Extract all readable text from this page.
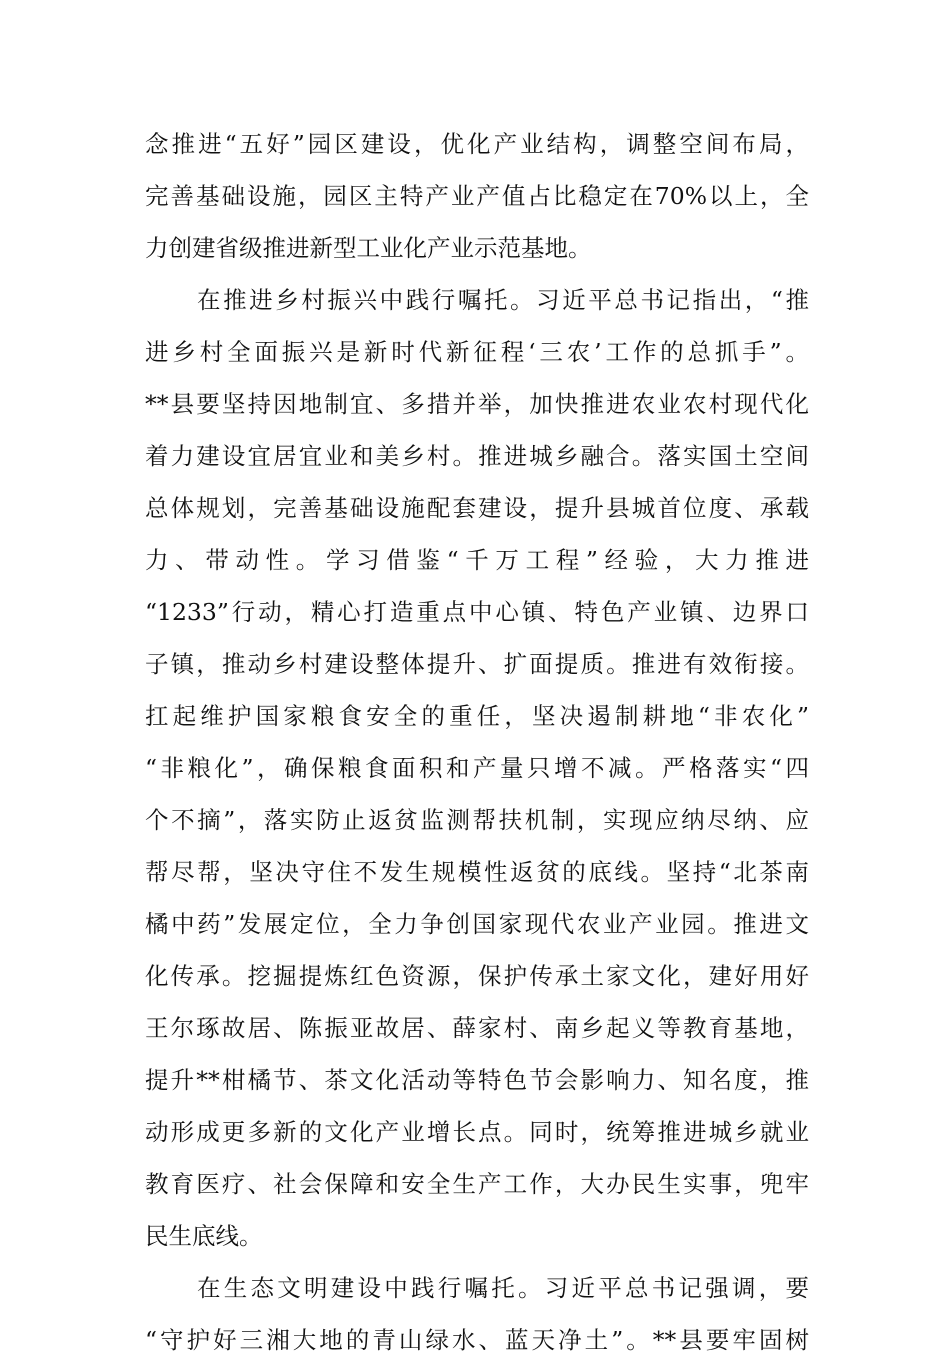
念推进“五好”园区建设，优化产业结构，调整空间布局，
完善基础设施，园区主特产业产值占比稳定在70%以上，全
力创建省级推进新型工业化产业示范基地。
在推进乡村振兴中践行嘱托。习近平总书记指出，“推
进乡村全面振兴是新时代新征程‘三农’工作的总抓手”。
**县要坚持因地制宜、多措并举，加快推进农业农村现代化
着力建设宜居宜业和美乡村。推进城乡融合。落实国土空间
总体规划，完善基础设施配套建设，提升县城首位度、承载
力、带动性。学习借鉴“千万工程”经验，大力推进
“1233”行动，精心打造重点中心镇、特色产业镇、边界口
子镇，推动乡村建设整体提升、扩面提质。推进有效衔接。
扛起维护国家粮食安全的重任，坚决遏制耕地“非农化”
“非粮化”，确保粮食面积和产量只增不减。严格落实“四
个不摘”，落实防止返贫监测帮扶机制，实现应纳尽纳、应
帮尽帮，坚决守住不发生规模性返贫的底线。坚持“北茶南
橘中药”发展定位，全力争创国家现代农业产业园。推进文
化传承。挖掘提炼红色资源，保护传承土家文化，建好用好
王尔琢故居、陈振亚故居、薛家村、南乡起义等教育基地，
提升**柑橘节、茶文化活动等特色节会影响力、知名度，推
动形成更多新的文化产业增长点。同时，统筹推进城乡就业
教育医疗、社会保障和安全生产工作，大办民生实事，兜牢
民生底线。
在生态文明建设中践行嘱托。习近平总书记强调，要
“守护好三湘大地的青山绿水、蓝天净土”。**县要牢固树
